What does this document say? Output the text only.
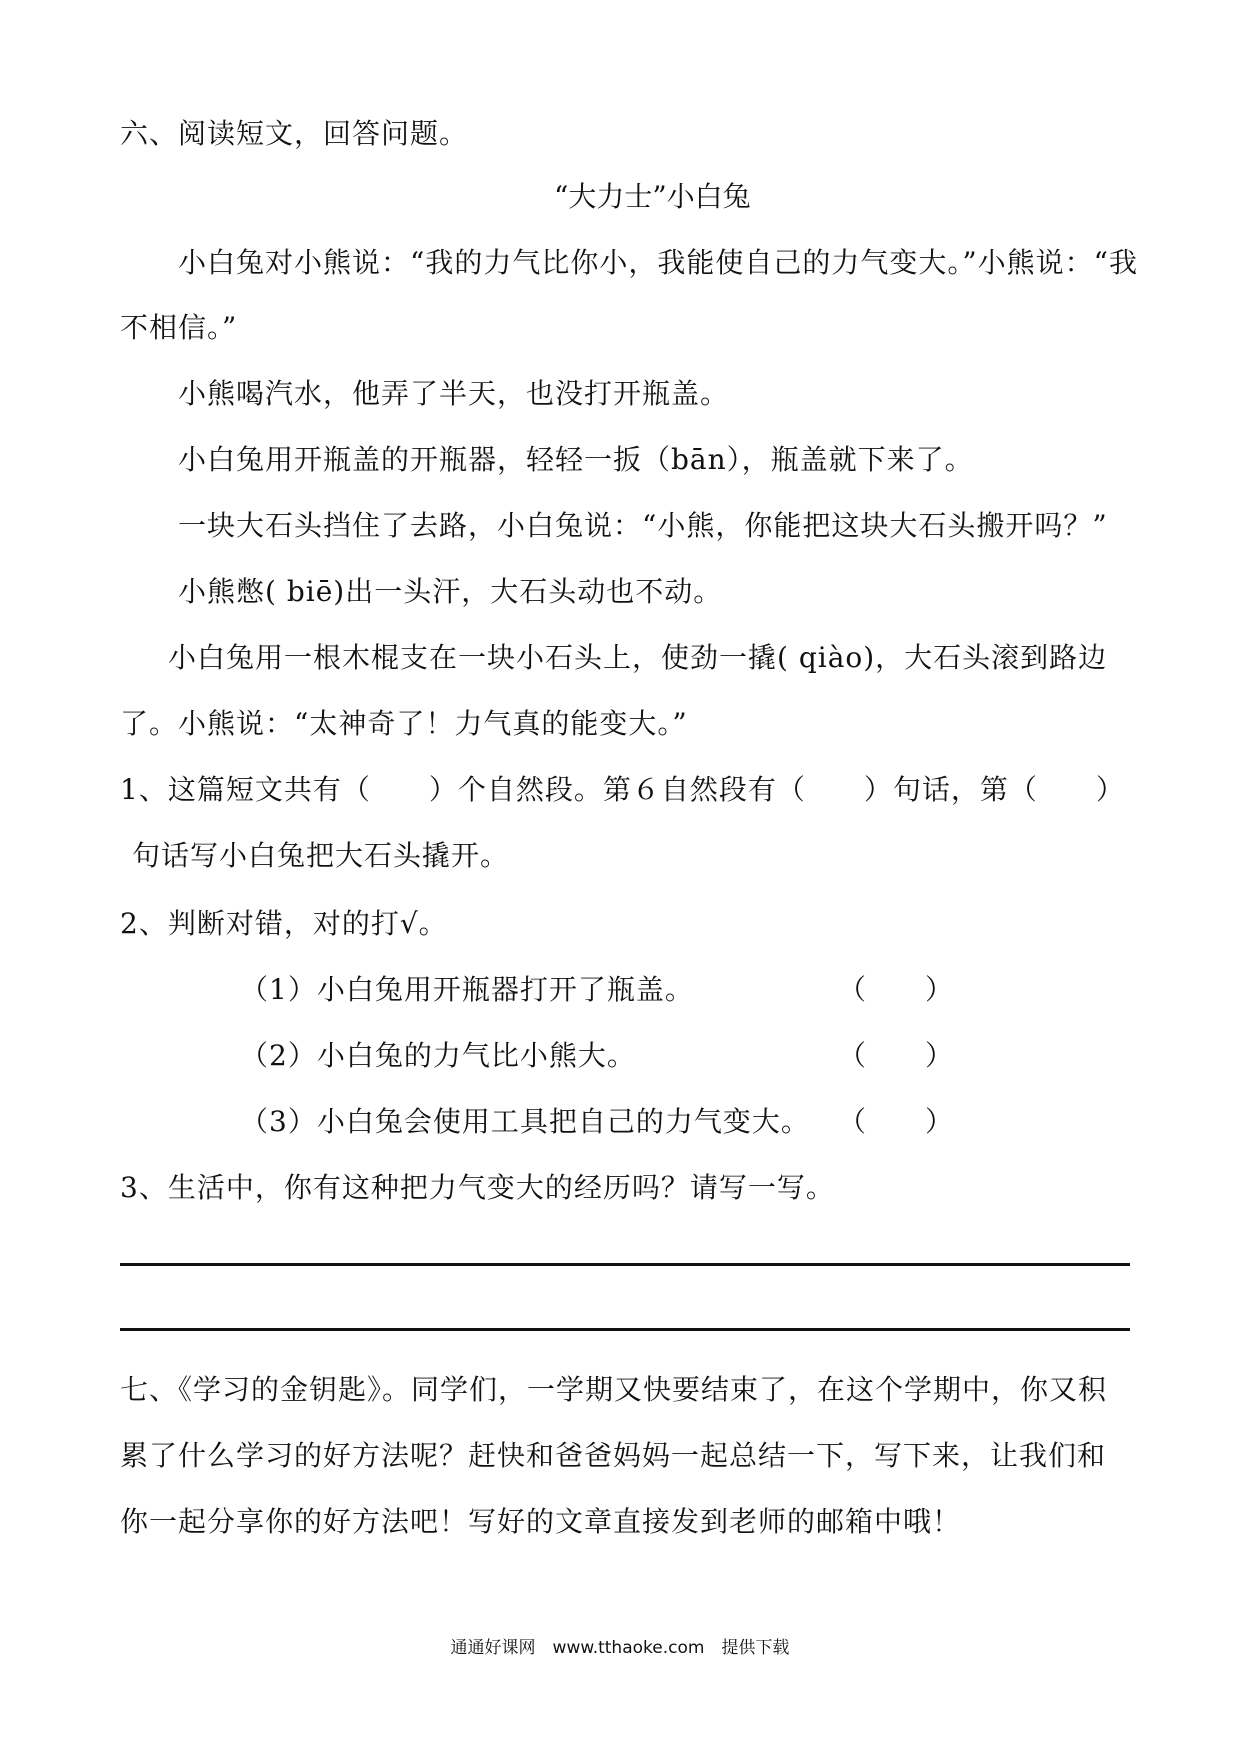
六、阅读短文，回答问题。
“大力士”小白兔
小白兔对小熊说：“我的力气比你小，我能使自己的力气变大。”小熊说：“我
不相信。”
小熊喝汽水，他弄了半天，也没打开瓶盖。
小白兔用开瓶盖的开瓶器，轻轻一扳（bān），瓶盖就下来了。
一块大石头挡住了去路，小白兔说：“小熊，你能把这块大石头搬开吗？”
小熊憋( biē)出一头汗，大石头动也不动。
小白兔用一根木棍支在一块小石头上，使劲一撬( qiào)，大石头滚到路边
了。小熊说：“太神奇了！力气真的能变大。”
1、这篇短文共有（　　）个自然段。第６自然段有（　　）句话，第（　　）
句话写小白兔把大石头撬开。
2、判断对错，对的打√。
（1）小白兔用开瓶器打开了瓶盖。	（　　）
（2）小白兔的力气比小熊大。	（　　）
（3）小白兔会使用工具把自己的力气变大。 （　　）
3、生活中，你有这种把力气变大的经历吗？请写一写。
七、《学习的金钥匙》。同学们，一学期又快要结束了，在这个学期中，你又积
累了什么学习的好方法呢？赶快和爸爸妈妈一起总结一下，写下来，让我们和
你一起分享你的好方法吧！写好的文章直接发到老师的邮箱中哦！
通通好课网　www.tthaoke.com　提供下载
